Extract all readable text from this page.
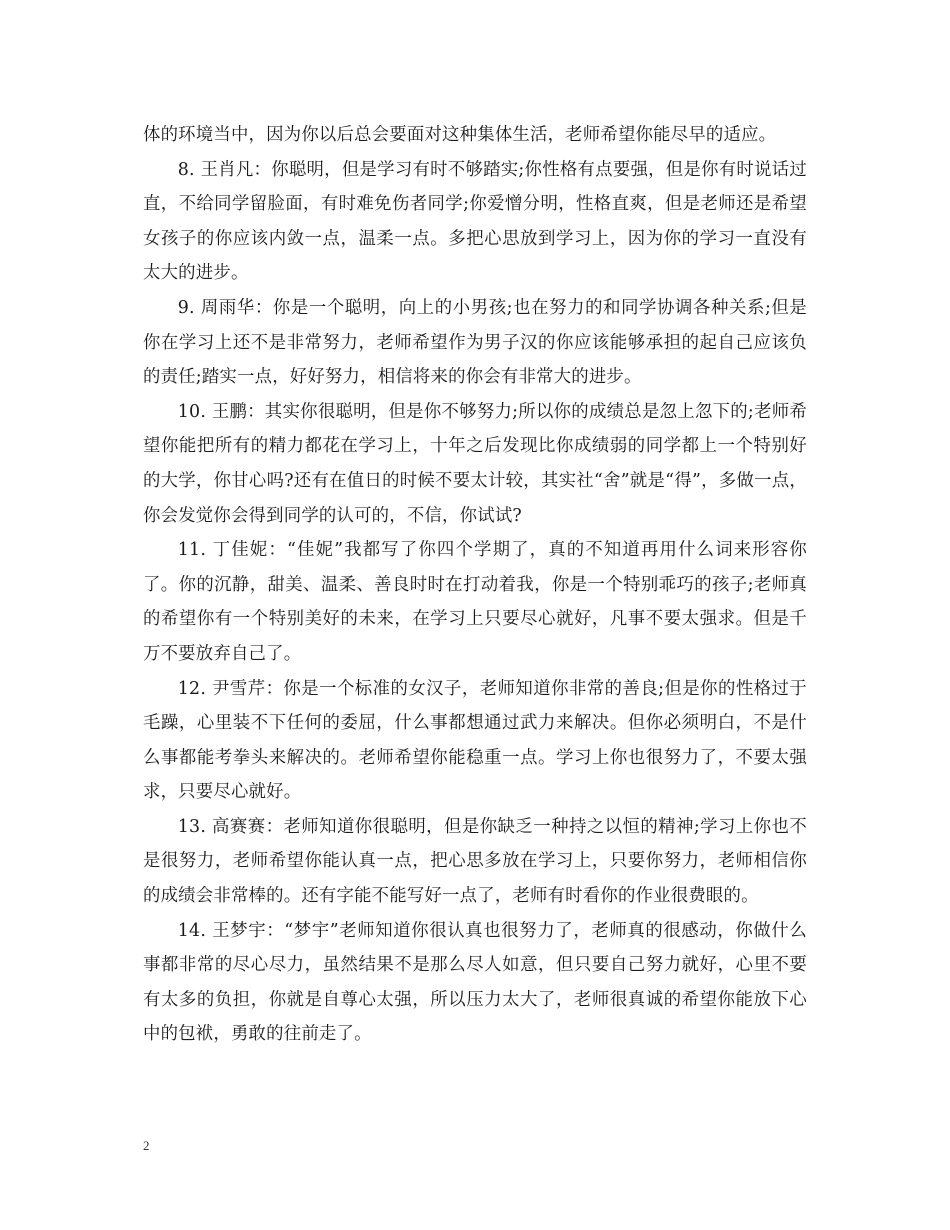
体的环境当中，因为你以后总会要面对这种集体生活，老师希望你能尽早的适应。

8. 王肖凡：你聪明，但是学习有时不够踏实;你性格有点要强，但是你有时说话过直，不给同学留脸面，有时难免伤者同学;你爱憎分明，性格直爽，但是老师还是希望女孩子的你应该内敛一点，温柔一点。多把心思放到学习上，因为你的学习一直没有太大的进步。

9. 周雨华：你是一个聪明，向上的小男孩;也在努力的和同学协调各种关系;但是你在学习上还不是非常努力，老师希望作为男子汉的你应该能够承担的起自己应该负的责任;踏实一点，好好努力，相信将来的你会有非常大的进步。

10. 王鹏：其实你很聪明，但是你不够努力;所以你的成绩总是忽上忽下的;老师希望你能把所有的精力都花在学习上，十年之后发现比你成绩弱的同学都上一个特别好的大学，你甘心吗?还有在值日的时候不要太计较，其实社“舍”就是“得”，多做一点，你会发觉你会得到同学的认可的，不信，你试试?

11. 丁佳妮：“佳妮”我都写了你四个学期了，真的不知道再用什么词来形容你了。你的沉静，甜美、温柔、善良时时在打动着我，你是一个特别乖巧的孩子;老师真的希望你有一个特别美好的未来，在学习上只要尽心就好，凡事不要太强求。但是千万不要放弃自己了。

12. 尹雪芹：你是一个标准的女汉子，老师知道你非常的善良;但是你的性格过于毛躁，心里装不下任何的委屈，什么事都想通过武力来解决。但你必须明白，不是什么事都能考拳头来解决的。老师希望你能稳重一点。学习上你也很努力了，不要太强求，只要尽心就好。

13. 高赛赛：老师知道你很聪明，但是你缺乏一种持之以恒的精神;学习上你也不是很努力，老师希望你能认真一点，把心思多放在学习上，只要你努力，老师相信你的成绩会非常棒的。还有字能不能写好一点了，老师有时看你的作业很费眼的。

14. 王梦宇：“梦宇”老师知道你很认真也很努力了，老师真的很感动，你做什么事都非常的尽心尽力，虽然结果不是那么尽人如意，但只要自己努力就好，心里不要有太多的负担，你就是自尊心太强，所以压力太大了，老师很真诚的希望你能放下心中的包袱，勇敢的往前走了。

2
